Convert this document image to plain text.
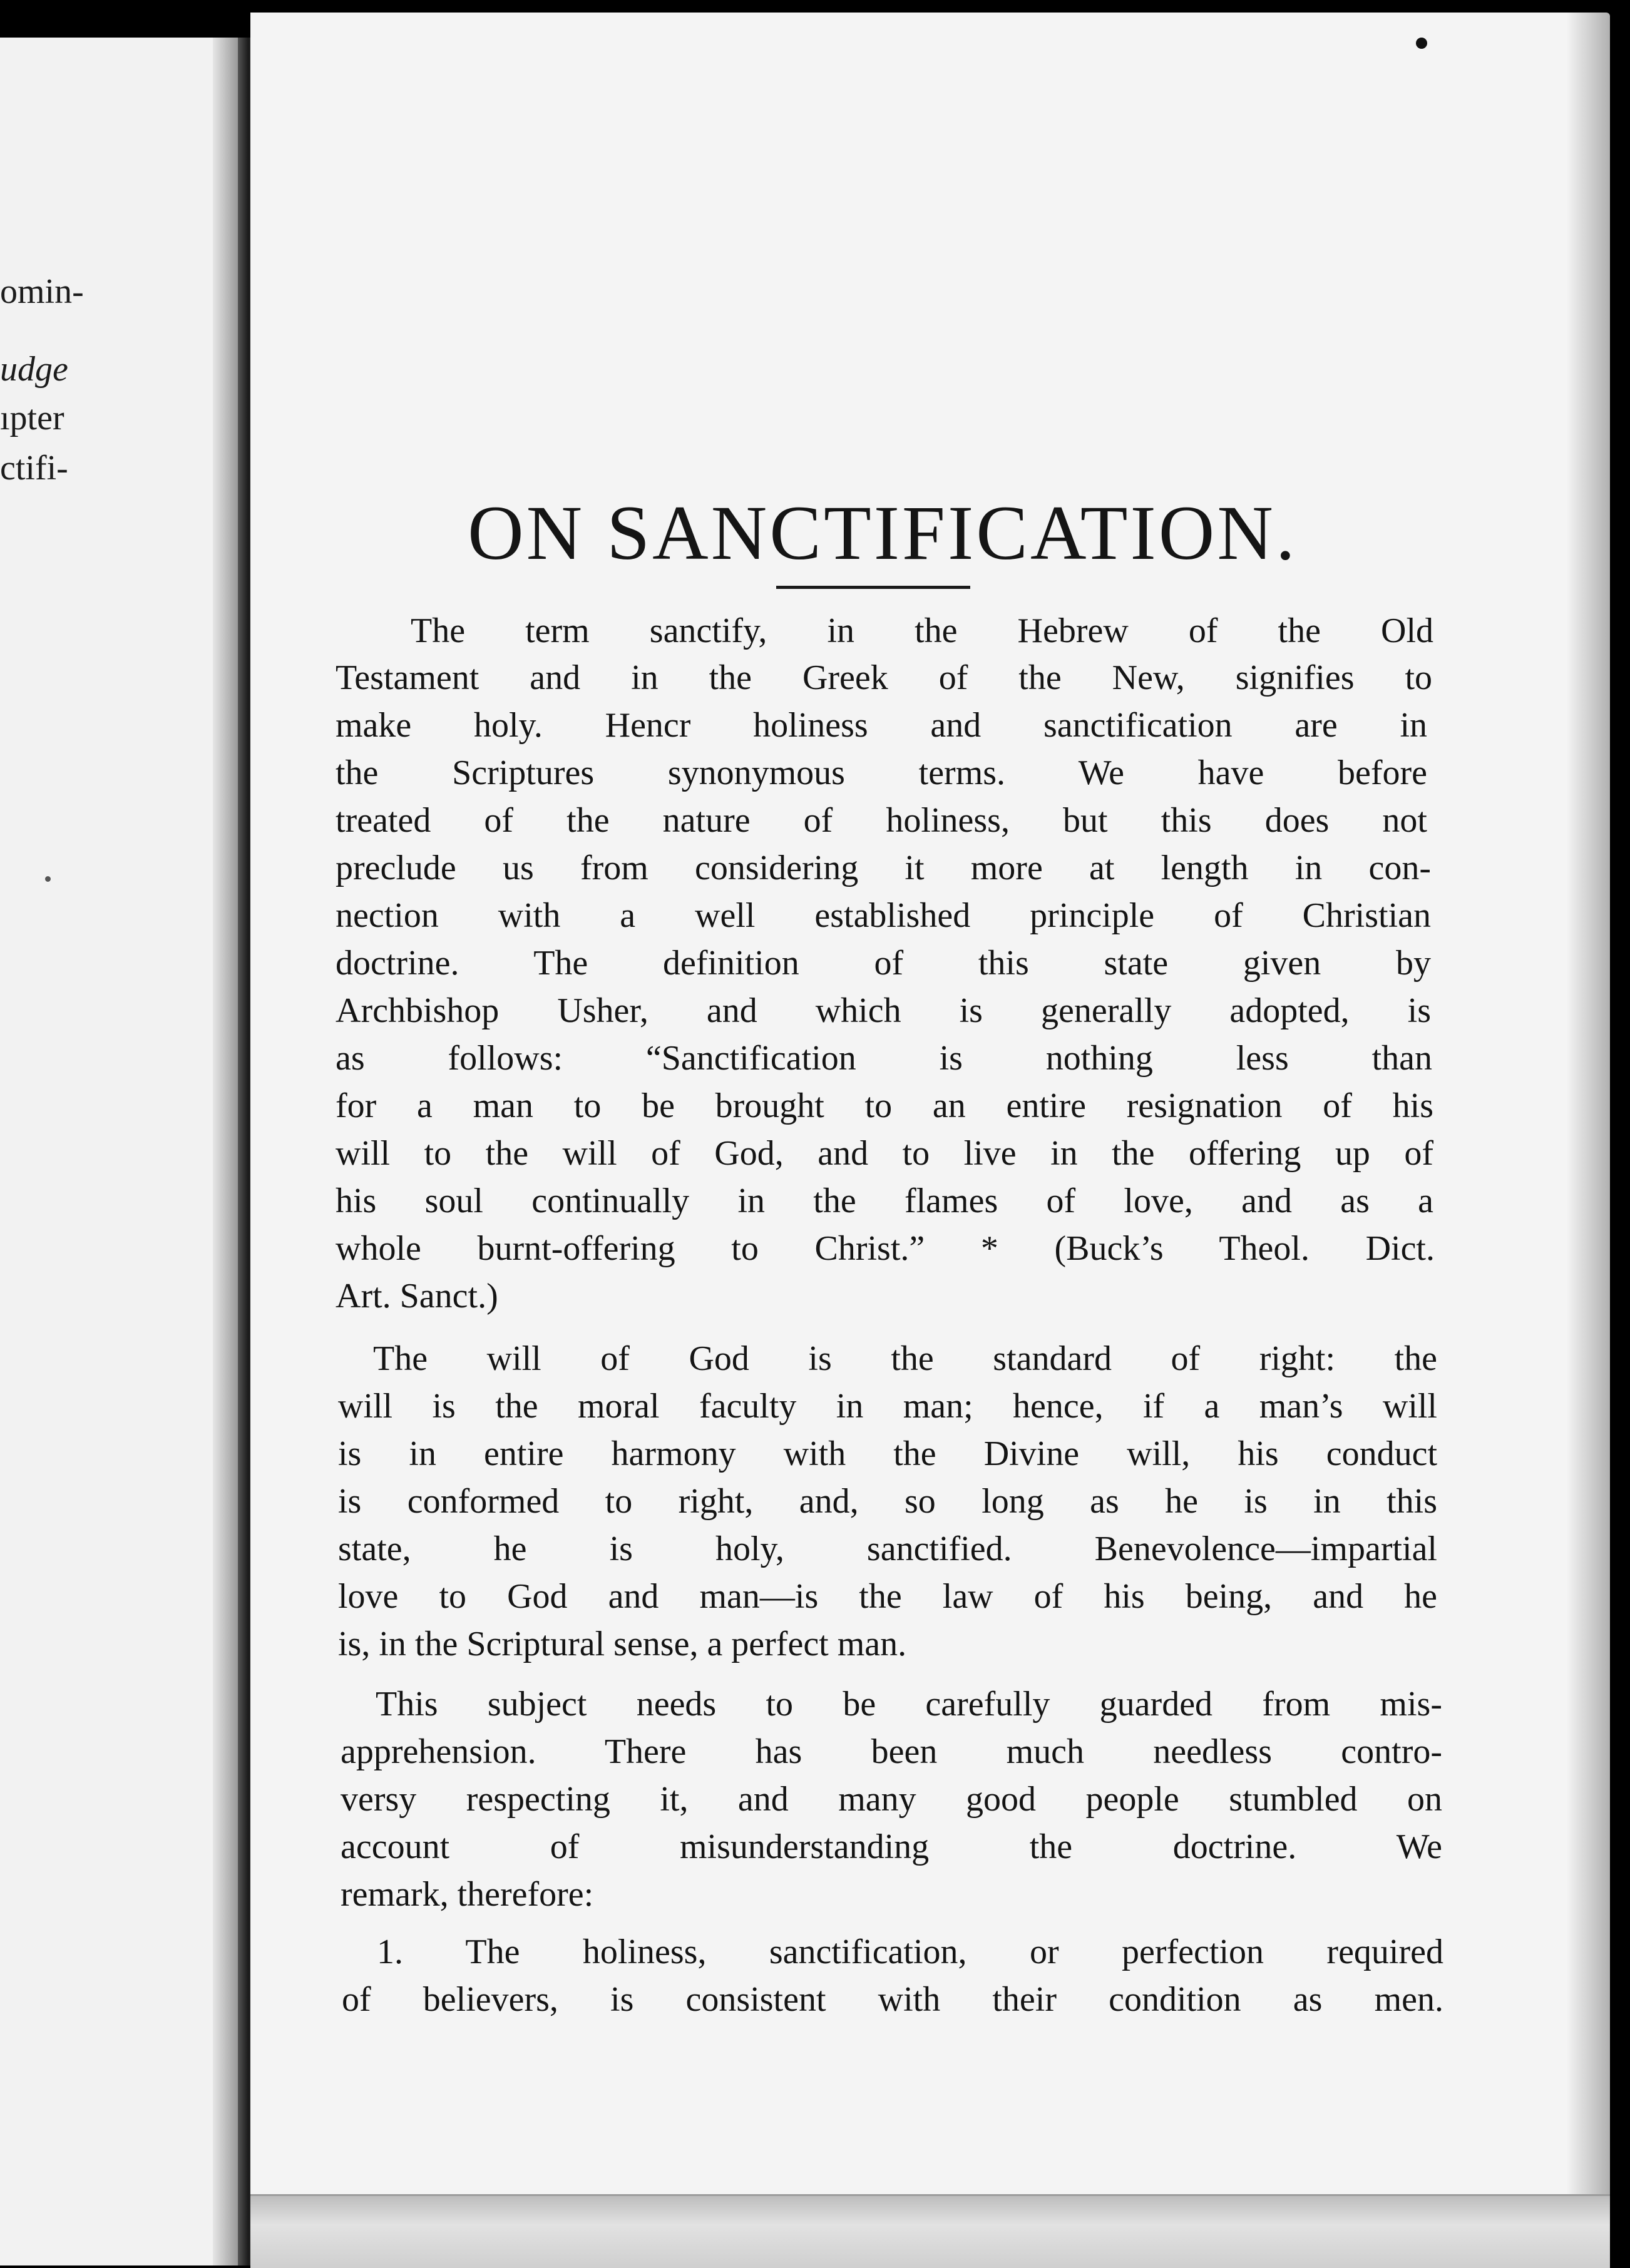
omin-
udge
ıpter
ctifi-
ON SANCTIFICATION.
The term sanctify, in the Hebrew of the Old
Testament and in the Greek of the New, signifies to
make holy. Hencr holiness and sanctification are in
the Scriptures synonymous terms. We have before
treated of the nature of holiness, but this does not
preclude us from considering it more at length in con-
nection with a well established principle of Christian
doctrine. The definition of this state given by
Archbishop Usher, and which is generally adopted, is
as follows: “Sanctification is nothing less than
for a man to be brought to an entire resignation of his
will to the will of God, and to live in the offering up of
his soul continually in the flames of love, and as a
whole burnt-offering to Christ.” * (Buck’s Theol. Dict.
Art. Sanct.)
The will of God is the standard of right: the
will is the moral faculty in man; hence, if a man’s will
is in entire harmony with the Divine will, his conduct
is conformed to right, and, so long as he is in this
state, he is holy, sanctified. Benevolence—impartial
love to God and man—is the law of his being, and he
is, in the Scriptural sense, a perfect man.
This subject needs to be carefully guarded from mis-
apprehension. There has been much needless contro-
versy respecting it, and many good people stumbled on
account of misunderstanding the doctrine. We
remark, therefore:
1. The holiness, sanctification, or perfection required
of believers, is consistent with their condition as men.
